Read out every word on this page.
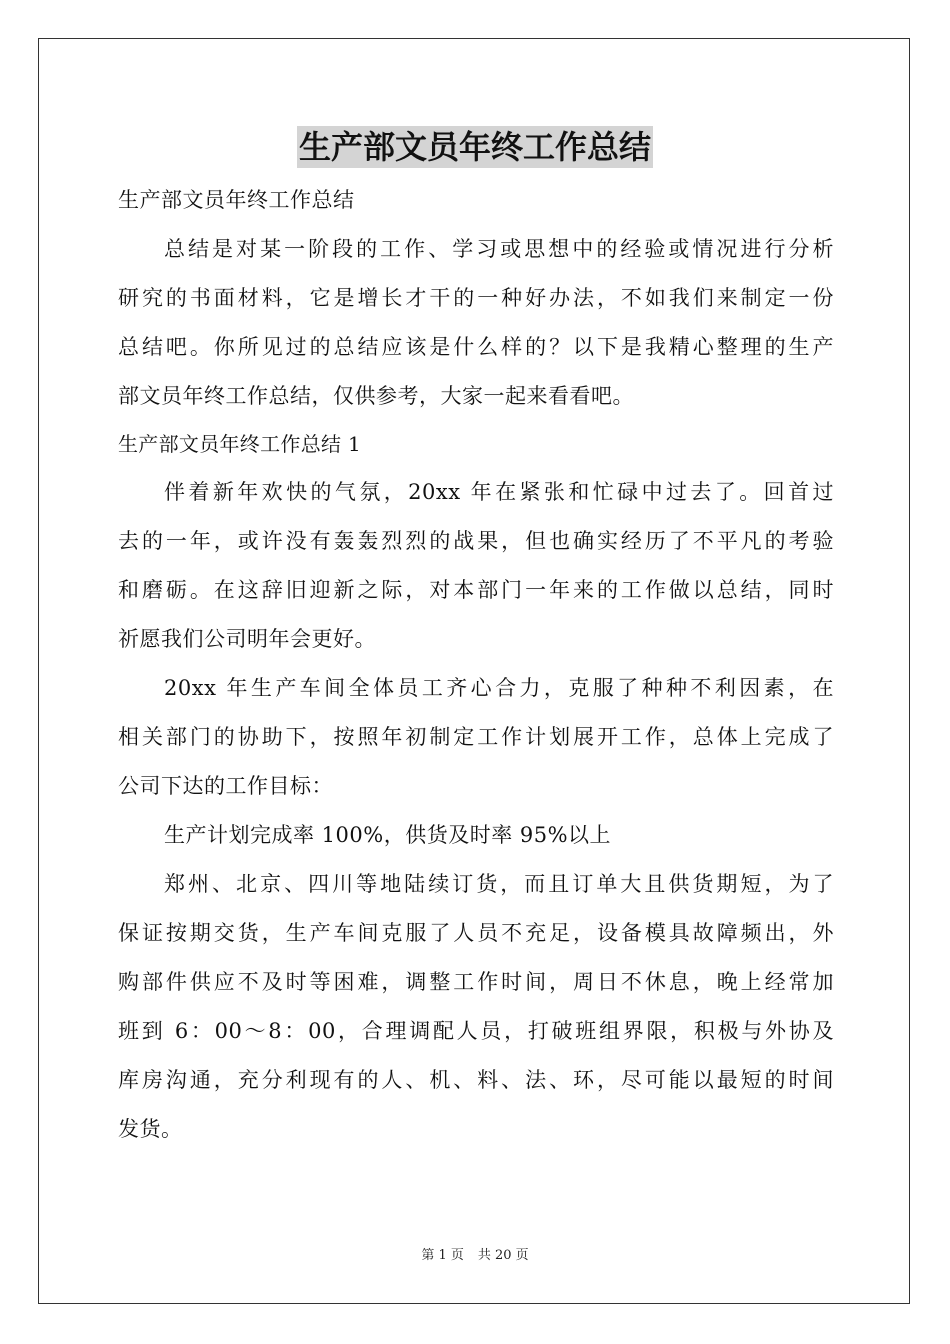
生产部文员年终工作总结
生产部文员年终工作总结
总结是对某一阶段的工作、学习或思想中的经验或情况进行分析
研究的书面材料，它是增长才干的一种好办法，不如我们来制定一份
总结吧。你所见过的总结应该是什么样的？以下是我精心整理的生产
部文员年终工作总结，仅供参考，大家一起来看看吧。
生产部文员年终工作总结 1
伴着新年欢快的气氛，20xx 年在紧张和忙碌中过去了。回首过
去的一年，或许没有轰轰烈烈的战果，但也确实经历了不平凡的考验
和磨砺。在这辞旧迎新之际，对本部门一年来的工作做以总结，同时
祈愿我们公司明年会更好。
20xx 年生产车间全体员工齐心合力，克服了种种不利因素，在
相关部门的协助下，按照年初制定工作计划展开工作，总体上完成了
公司下达的工作目标：
生产计划完成率 100%，供货及时率 95%以上
郑州、北京、四川等地陆续订货，而且订单大且供货期短，为了
保证按期交货，生产车间克服了人员不充足，设备模具故障频出，外
购部件供应不及时等困难，调整工作时间，周日不休息，晚上经常加
班到 6：00～8：00，合理调配人员，打破班组界限，积极与外协及
库房沟通，充分利现有的人、机、料、法、环，尽可能以最短的时间
发货。
第 1 页 共 20 页
